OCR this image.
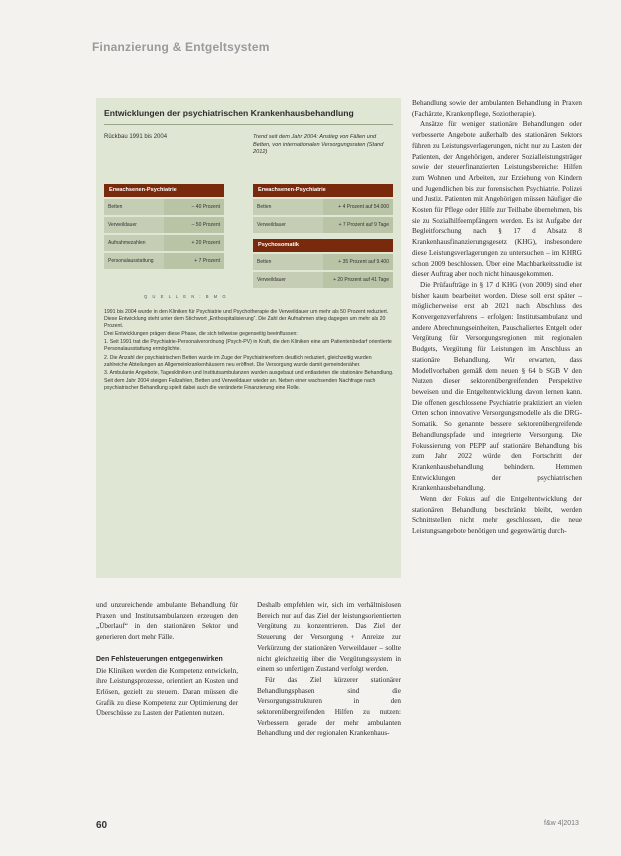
Finanzierung & Entgeltsystem
Entwicklungen der psychiatrischen Krankenhausbehandlung
Rückbau 1991 bis 2004	Trend seit dem Jahr 2004: Anstieg von Fällen und Betten, von internationalen Versorgungsraten (Stand 2012)
Erwachsenen-Psychiatrie
Betten	– 40 Prozent
Verweildauer	– 50 Prozent
Aufnahmezahlen	+ 20 Prozent
Personalausstattung	+ 7 Prozent
Erwachsenen-Psychiatrie
Betten	+ 4 Prozent auf 54.000
Verweildauer	+ 7 Prozent auf 9 Tage
Psychosomatik
Betten	+ 35 Prozent auf 9.400
Verweildauer	+ 20 Prozent auf 41 Tage
Q U E L L E N : B M G

1991 bis 2004 wurde in den Kliniken für Psychiatrie und Psychotherapie die Verweildauer um mehr als 50 Prozent reduziert. Diese Entwicklung steht unter dem Stichwort „Enthospitalisierung“. Die Zahl der Aufnahmen stieg dagegen um mehr als 20 Prozent.

Drei Entwicklungen prägen diese Phase, die sich teilweise gegenseitig beeinflussen:

1. Seit 1991 trat die Psychiatrie-Personalverordnung (Psych-PV) in Kraft, die den Kliniken eine am Patientenbedarf orientierte Personalausstattung ermöglichte.

2. Die Anzahl der psychiatrischen Betten wurde im Zuge der Psychiatriereform deutlich reduziert, gleichzeitig wurden zahlreiche Abteilungen an Allgemeinkrankenhäusern neu eröffnet. Die Versorgung wurde damit gemeindenäher.

3. Ambulante Angebote, Tageskliniken und Institutsambulanzen wurden ausgebaut und entlasteten die stationäre Behandlung.

Seit dem Jahr 2004 steigen Fallzahlen, Betten und Verweildauer wieder an. Neben einer wachsenden Nachfrage nach psychiatrischer Behandlung spielt dabei auch die veränderte Finanzierung eine Rolle.

Behandlung sowie der ambulanten Behandlung in Praxen (Fachärzte, Krankenpflege, Soziotherapie).

Ansätze für weniger stationäre Behandlungen oder verbesserte Angebote außerhalb des stationären Sektors führen zu Leistungsverlagerungen, nicht nur zu Lasten der Patienten, der Angehörigen, anderer Sozialleistungsträger sowie der steuerfinanzierten Leistungsbereiche: Hilfen zum Wohnen und Arbeiten, zur Erziehung von Kindern und Jugendlichen bis zur forensischen Psychiatrie. Polizei und Justiz. Patienten mit Angehörigen müssen häufiger die Kosten für Pflege oder Hilfe zur Teilhabe übernehmen, bis sie zu Sozialhilfeempfängern werden. Es ist Aufgabe der Begleitforschung nach § 17 d Absatz 8 Krankenhausfinanzierungsgesetz (KHG), insbesondere diese Leistungsverlagerungen zu untersuchen – im KHRG schon 2009 beschlossen. Über eine Machbarkeitsstudie ist dieser Auftrag aber noch nicht hinausgekommen.

Die Prüfaufträge in § 17 d KHG (von 2009) sind eher bisher kaum bearbeitet worden. Diese soll erst später – möglicherweise erst ab 2021 nach Abschluss des Konvergenzverfahrens – erfolgen: Institutsambulanz und andere Abrechnungseinheiten, Pauschaliertes Entgelt oder Vergütung für Versorgungsregionen mit regionalen Budgets, Vergütung für Leistungen im Anschluss an stationäre Behandlung. Wir erwarten, dass Modellvorhaben gemäß dem neuen § 64 b SGB V den Nutzen dieser sektorenübergreifenden Perspektive beweisen und die Entgeltentwicklung davon lernen kann. Die offenen geschlossene Psychiatrie praktiziert an vielen Orten schon innovative Versorgungsmodelle als die DRG-Somatik. So genannte bessere sektorenübergreifende Behandlungspfade und integrierte Versorgung. Die Fokussierung von PEPP auf stationäre Behandlung bis zum Jahr 2022 würde den Fortschritt der Krankenhausbehandlung behindern. Hemmen Entwicklungen der psychiatrischen Krankenhausbehandlung.

Wenn der Fokus auf die Entgeltentwicklung der stationären Behandlung beschränkt bleibt, werden Schnittstellen nicht mehr geschlossen, die neue Leistungsangebote benötigen und gegenwärtig durch-

und unzureichende ambulante Behandlung für Praxen und Institutsambulanzen erzeugen den „Überlauf“ in den stationären Sektor und generieren dort mehr Fälle.

Den Fehlsteuerungen entgegenwirken

Die Kliniken werden die Kompetenz entwickeln, ihre Leistungsprozesse, orientiert an Kosten und Erlösen, gezielt zu steuern. Daran müssen die Grafik zu diese Kompetenz zur Optimierung der Überschüsse zu Lasten der Patienten nutzen.

Deshalb empfehlen wir, sich im verhältnislosen Bereich nur auf das Ziel der leistungsorientierten Vergütung zu konzentrieren. Das Ziel der Steuerung der Versorgung + Anreize zur Verkürzung der stationären Verweildauer – sollte nicht gleichzeitig über die Vergütungssystem in einem so unfertigen Zustand verfolgt werden.

Für das Ziel kürzerer stationärer Behandlungsphasen sind die Versorgungsstrukturen in den sektorenübergreifenden Hilfen zu nutzen: Verbessern gerade der mehr ambulanten Behandlung und der regionalen Krankenhaus-

60	f&w 4|2013
